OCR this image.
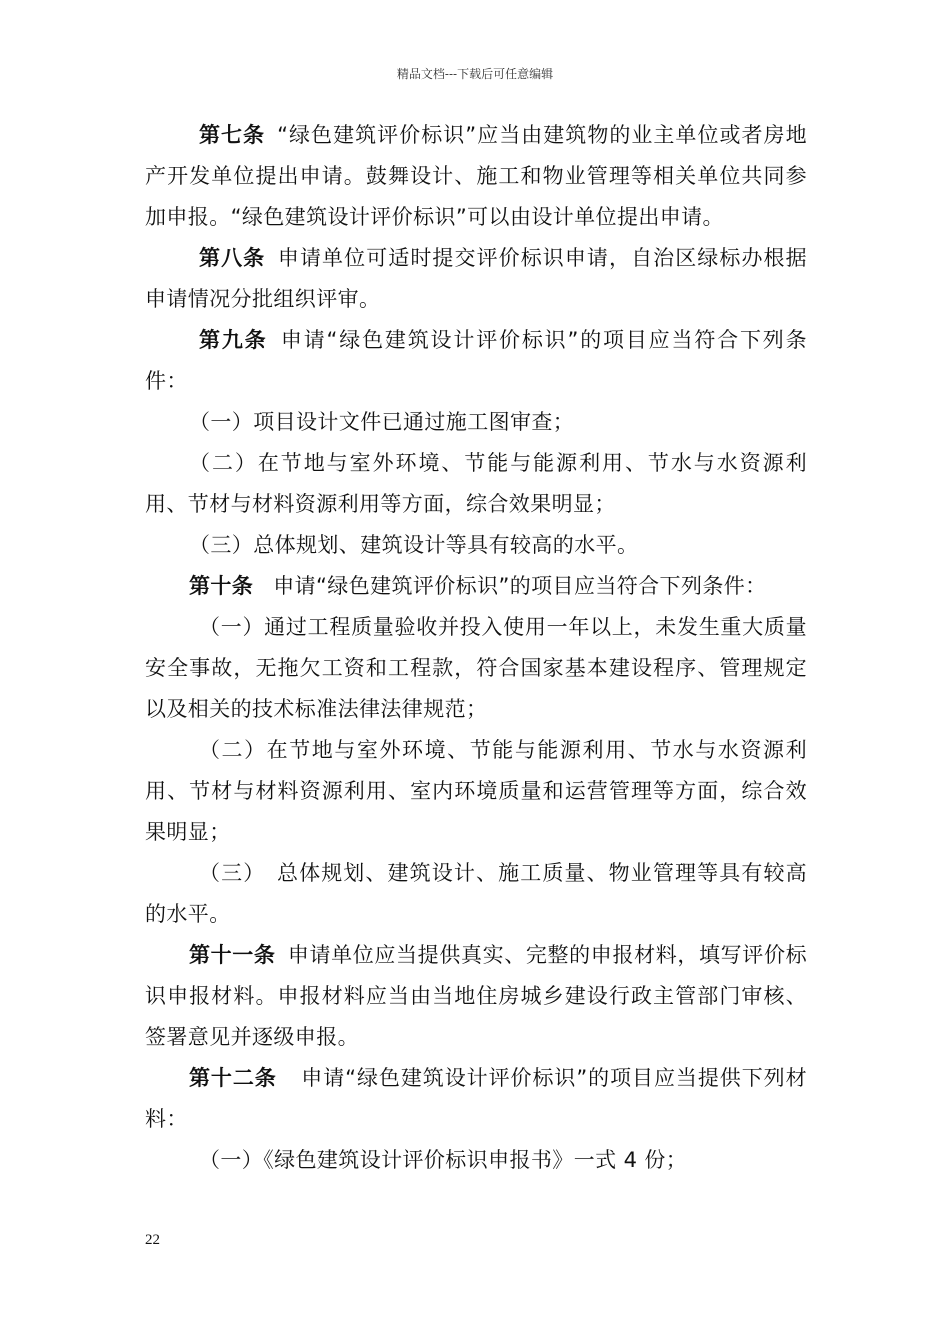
精品文档---下载后可任意编辑

第七条 “绿色建筑评价标识”应当由建筑物的业主单位或者房地产开发单位提出申请。鼓舞设计、施工和物业管理等相关单位共同参加申报。“绿色建筑设计评价标识”可以由设计单位提出申请。

第八条 申请单位可适时提交评价标识申请，自治区绿标办根据申请情况分批组织评审。

第九条 申请“绿色建筑设计评价标识”的项目应当符合下列条件：

（一）项目设计文件已通过施工图审查；

（二）在节地与室外环境、节能与能源利用、节水与水资源利用、节材与材料资源利用等方面，综合效果明显；

（三）总体规划、建筑设计等具有较高的水平。

第十条 申请“绿色建筑评价标识”的项目应当符合下列条件：

（一）通过工程质量验收并投入使用一年以上，未发生重大质量安全事故，无拖欠工资和工程款，符合国家基本建设程序、管理规定以及相关的技术标准法律法律规范；

（二）在节地与室外环境、节能与能源利用、节水与水资源利用、节材与材料资源利用、室内环境质量和运营管理等方面，综合效果明显；

（三）　总体规划、建筑设计、施工质量、物业管理等具有较高的水平。

第十一条 申请单位应当提供真实、完整的申报材料，填写评价标识申报材料。申报材料应当由当地住房城乡建设行政主管部门审核、签署意见并逐级申报。

第十二条 申请“绿色建筑设计评价标识”的项目应当提供下列材料：

（一）《绿色建筑设计评价标识申报书》一式 4 份；

22
